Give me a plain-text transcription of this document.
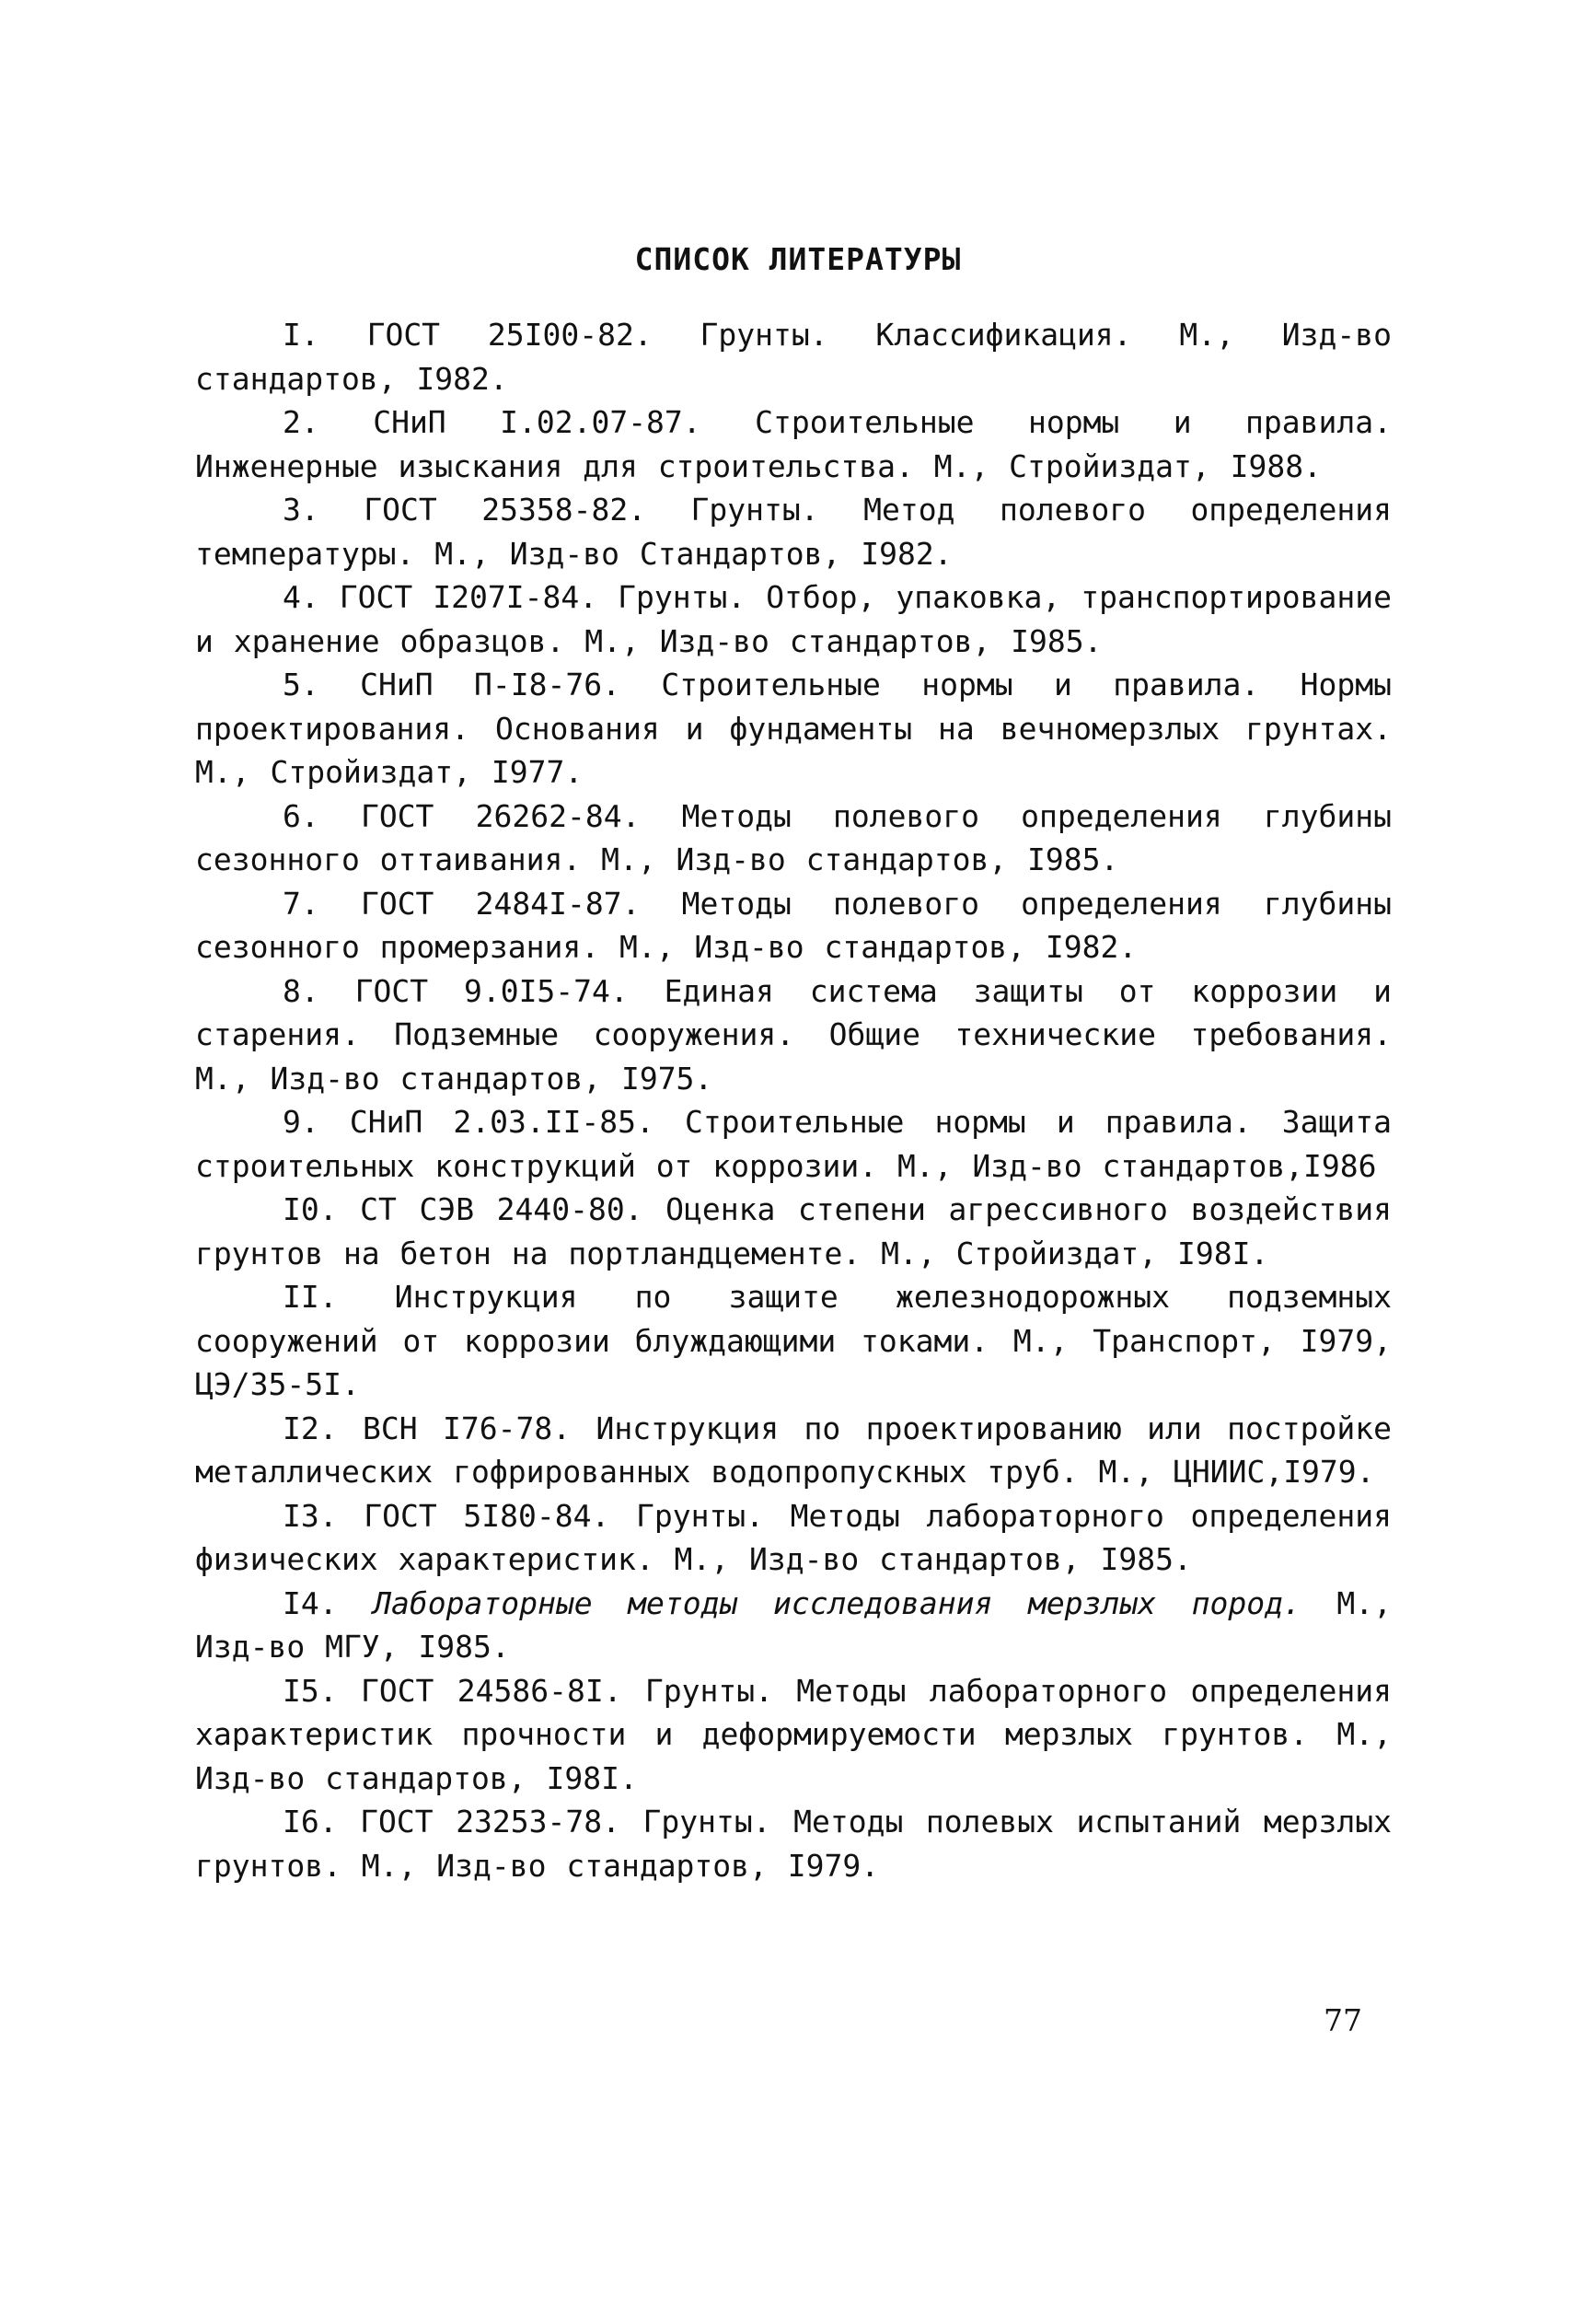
СПИСОК ЛИТЕРАТУРЫ
I. ГОСТ 25I00-82. Грунты. Классификация. М., Изд-во стандартов, I982.
2. СНиП I.02.07-87. Строительные нормы и правила. Инженерные изыскания для строительства. М., Стройиздат, I988.
3. ГОСТ 25358-82. Грунты. Метод полевого определения температуры. М., Изд-во Стандартов, I982.
4. ГОСТ I207I-84. Грунты. Отбор, упаковка, транспортирование и хранение образцов. М., Изд-во стандартов, I985.
5. СНиП П-I8-76. Строительные нормы и правила. Нормы проектирования. Основания и фундаменты на вечномерзлых грунтах. М., Стройиздат, I977.
6. ГОСТ 26262-84. Методы полевого определения глубины сезонного оттаивания. М., Изд-во стандартов, I985.
7. ГОСТ 2484I-87. Методы полевого определения глубины сезонного промерзания. М., Изд-во стандартов, I982.
8. ГОСТ 9.0I5-74. Единая система защиты от коррозии и старения. Подземные сооружения. Общие технические требования. М., Изд-во стандартов, I975.
9. СНиП 2.03.II-85. Строительные нормы и правила. Защита строительных конструкций от коррозии. М., Изд-во стандартов,I986
I0. СТ СЭВ 2440-80. Оценка степени агрессивного воздействия грунтов на бетон на портландцементе. М., Стройиздат, I98I.
II. Инструкция по защите железнодорожных подземных сооружений от коррозии блуждающими токами. М., Транспорт, I979, ЦЭ/35-5I.
I2. ВСН I76-78. Инструкция по проектированию или постройке металлических гофрированных водопропускных труб. М., ЦНИИС,I979.
I3. ГОСТ 5I80-84. Грунты. Методы лабораторного определения физических характеристик. М., Изд-во стандартов, I985.
I4. Лабораторные методы исследования мерзлых пород. М., Изд-во МГУ, I985.
I5. ГОСТ 24586-8I. Грунты. Методы лабораторного определения характеристик прочности и деформируемости мерзлых грунтов. М., Изд-во стандартов, I98I.
I6. ГОСТ 23253-78. Грунты. Методы полевых испытаний мерзлых грунтов. М., Изд-во стандартов, I979.
77
